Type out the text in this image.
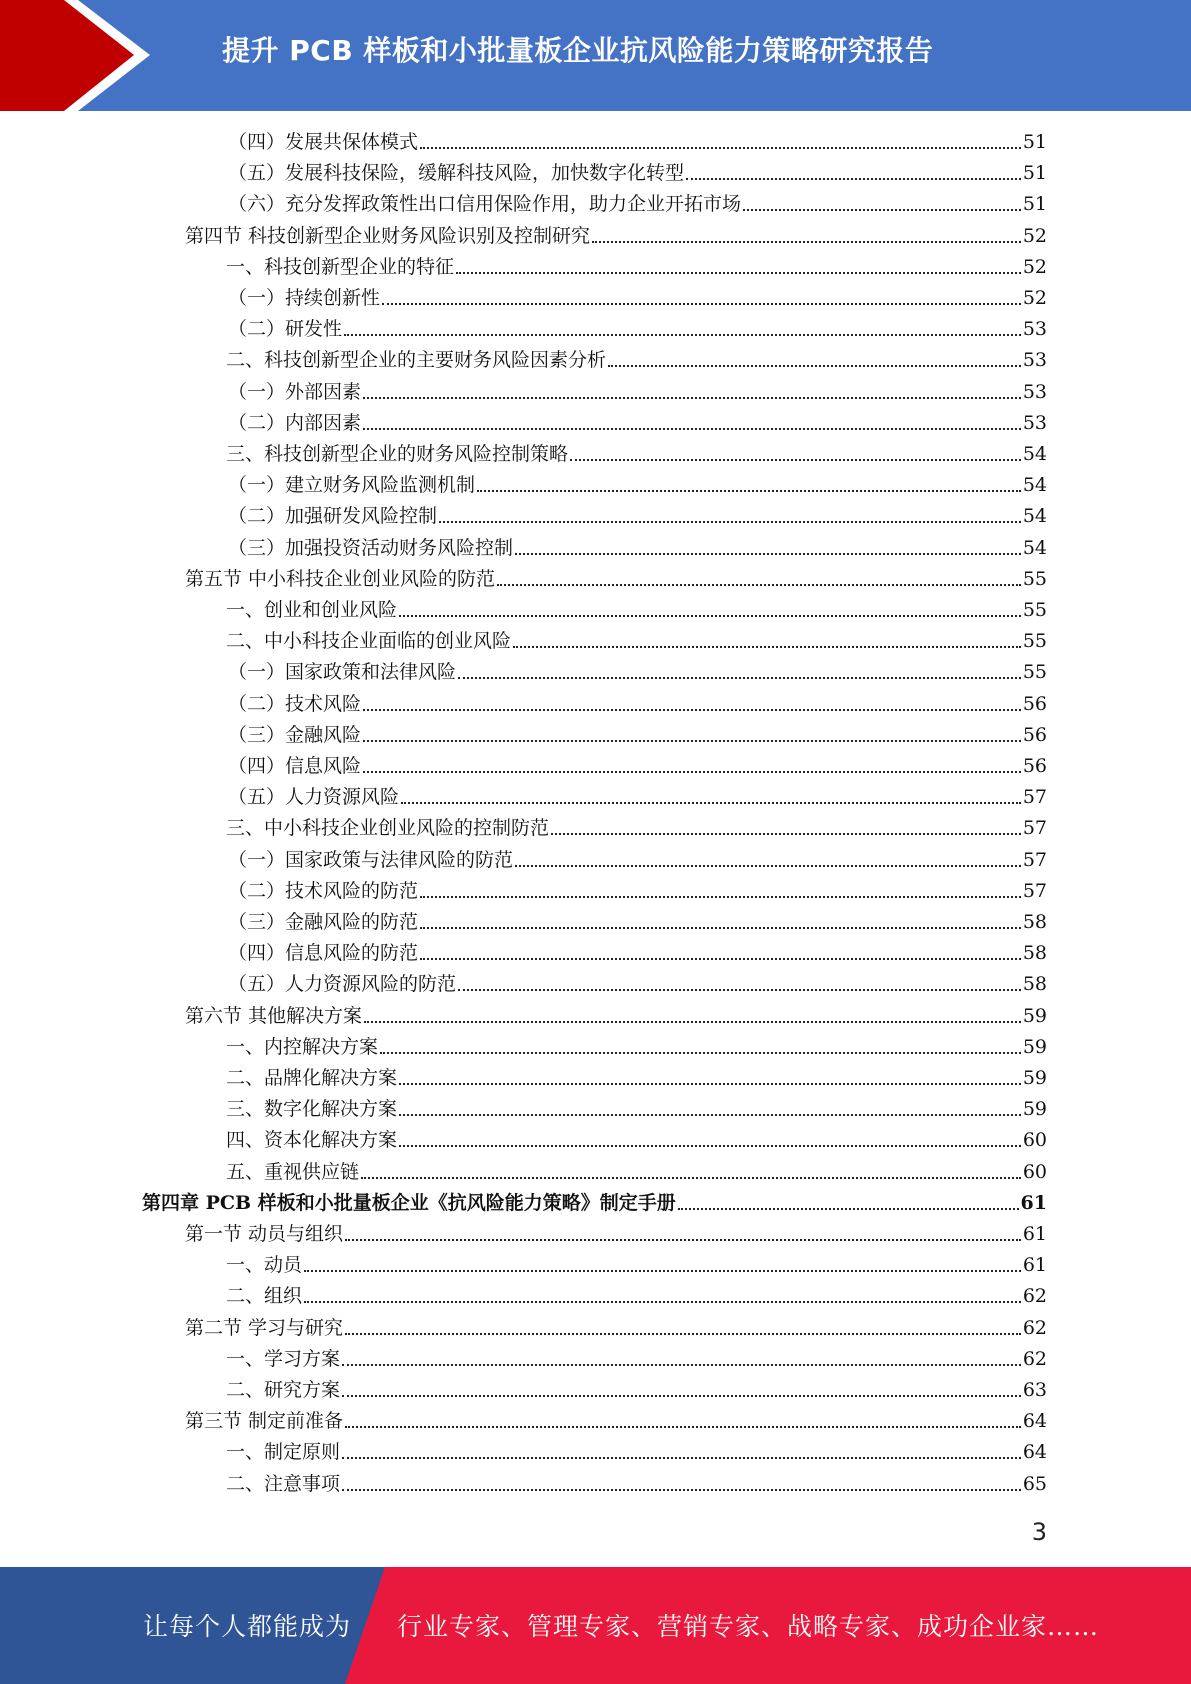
提升 PCB 样板和小批量板企业抗风险能力策略研究报告
（四）发展共保体模式	51
（五）发展科技保险，缓解科技风险，加快数字化转型	51
（六）充分发挥政策性出口信用保险作用，助力企业开拓市场	51
第四节 科技创新型企业财务风险识别及控制研究	52
一、科技创新型企业的特征	52
（一）持续创新性	52
（二）研发性	53
二、科技创新型企业的主要财务风险因素分析	53
（一）外部因素	53
（二）内部因素	53
三、科技创新型企业的财务风险控制策略	54
（一）建立财务风险监测机制	54
（二）加强研发风险控制	54
（三）加强投资活动财务风险控制	54
第五节 中小科技企业创业风险的防范	55
一、创业和创业风险	55
二、中小科技企业面临的创业风险	55
（一）国家政策和法律风险	55
（二）技术风险	56
（三）金融风险	56
（四）信息风险	56
（五）人力资源风险	57
三、中小科技企业创业风险的控制防范	57
（一）国家政策与法律风险的防范	57
（二）技术风险的防范	57
（三）金融风险的防范	58
（四）信息风险的防范	58
（五）人力资源风险的防范	58
第六节 其他解决方案	59
一、内控解决方案	59
二、品牌化解决方案	59
三、数字化解决方案	59
四、资本化解决方案	60
五、重视供应链	60
第四章 PCB 样板和小批量板企业《抗风险能力策略》制定手册	61
第一节 动员与组织	61
一、动员	61
二、组织	62
第二节 学习与研究	62
一、学习方案	62
二、研究方案	63
第三节 制定前准备	64
一、制定原则	64
二、注意事项	65
3
让每个人都能成为 行业专家、管理专家、营销专家、战略专家、成功企业家……
